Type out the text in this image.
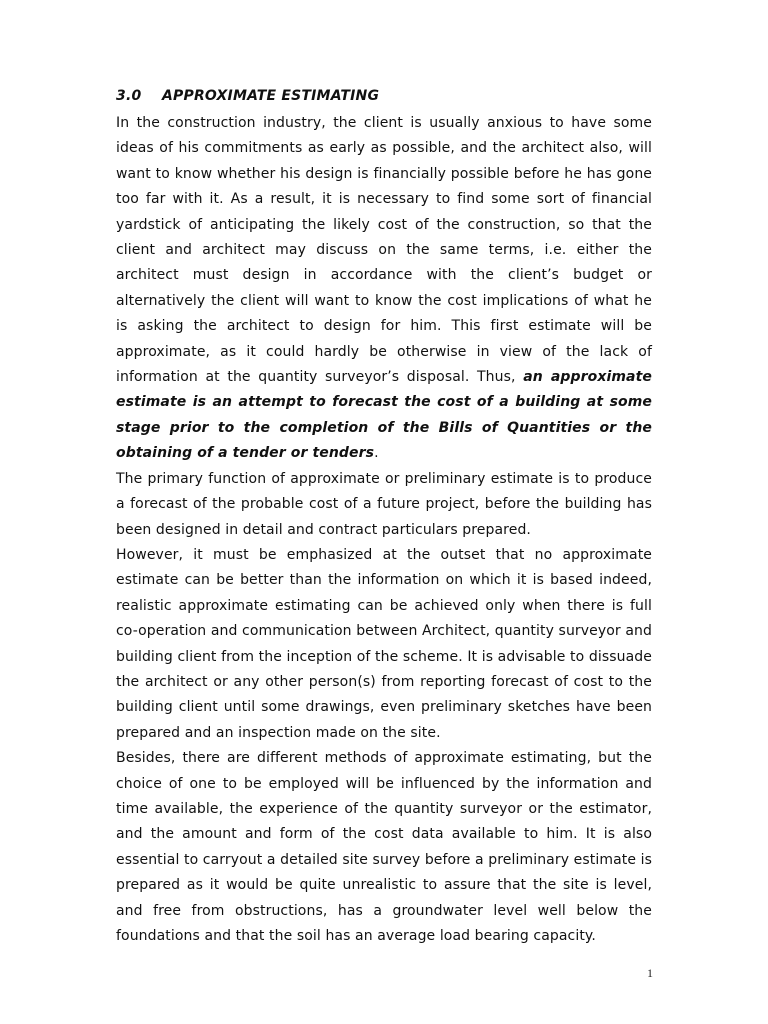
3.0 APPROXIMATE ESTIMATING

In the construction industry, the client is usually anxious to have some ideas of his commitments as early as possible, and the architect also, will want to know whether his design is financially possible before he has gone too far with it. As a result, it is necessary to find some sort of financial yardstick of anticipating the likely cost of the construction, so that the client and architect may discuss on the same terms, i.e. either the architect must design in accordance with the client’s budget or alternatively the client will want to know the cost implications of what he is asking the architect to design for him. This first estimate will be approximate, as it could hardly be otherwise in view of the lack of information at the quantity surveyor’s disposal. Thus, an approximate estimate is an attempt to forecast the cost of a building at some stage prior to the completion of the Bills of Quantities or the obtaining of a tender or tenders.

The primary function of approximate or preliminary estimate is to produce a forecast of the probable cost of a future project, before the building has been designed in detail and contract particulars prepared.

However, it must be emphasized at the outset that no approximate estimate can be better than the information on which it is based indeed, realistic approximate estimating can be achieved only when there is full co-operation and communication between Architect, quantity surveyor and building client from the inception of the scheme. It is advisable to dissuade the architect or any other person(s) from reporting forecast of cost to the building client until some drawings, even preliminary sketches have been prepared and an inspection made on the site.

Besides, there are different methods of approximate estimating, but the choice of one to be employed will be influenced by the information and time available, the experience of the quantity surveyor or the estimator, and the amount and form of the cost data available to him. It is also essential to carryout a detailed site survey before a preliminary estimate is prepared as it would be quite unrealistic to assure that the site is level, and free from obstructions, has a groundwater level well below the foundations and that the soil has an average load bearing capacity.

1
